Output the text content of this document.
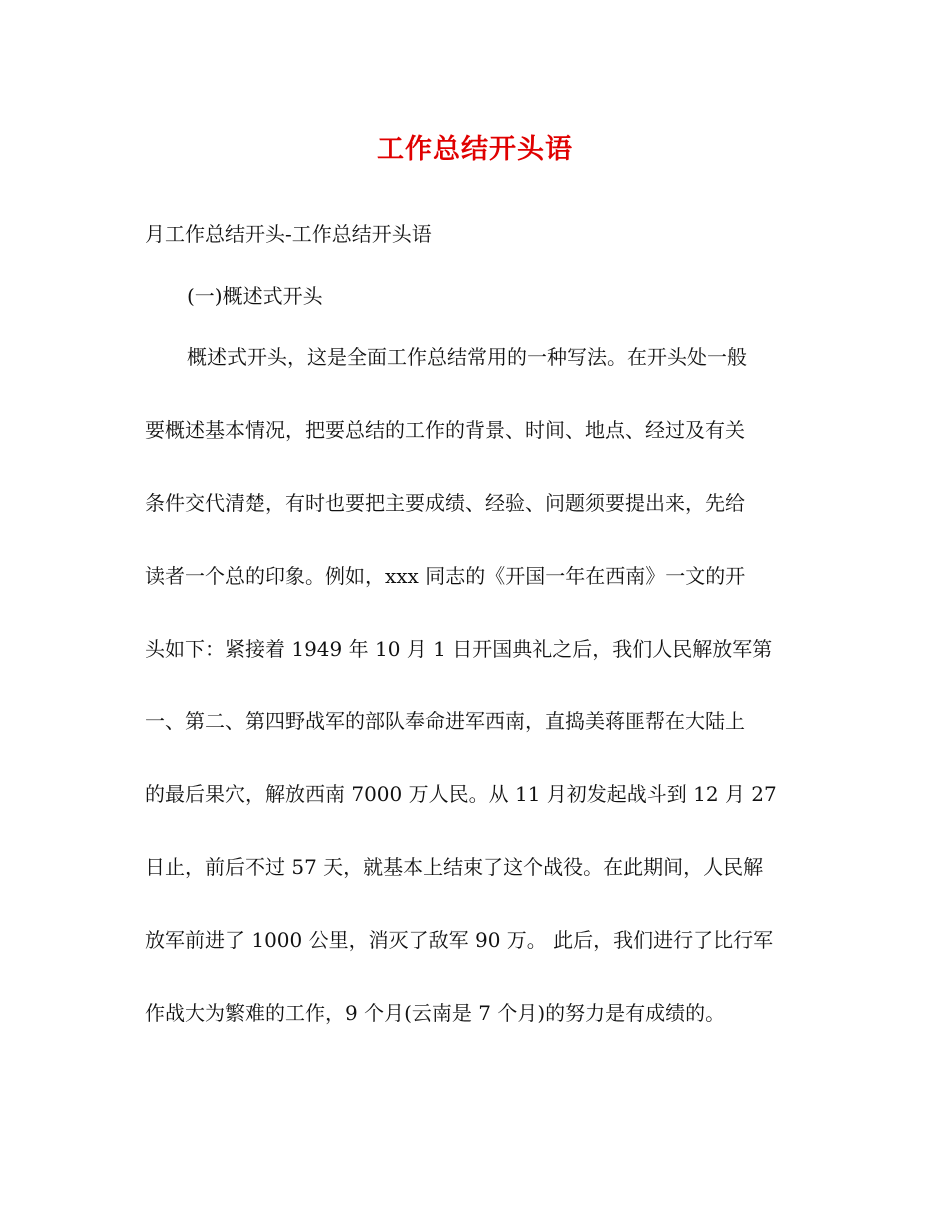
工作总结开头语
月工作总结开头-工作总结开头语
(一)概述式开头
概述式开头，这是全面工作总结常用的一种写法。在开头处一般
要概述基本情况，把要总结的工作的背景、时间、地点、经过及有关
条件交代清楚，有时也要把主要成绩、经验、问题须要提出来，先给
读者一个总的印象。例如，xxx 同志的《开国一年在西南》一文的开
头如下：紧接着 1949 年 10 月 1 日开国典礼之后，我们人民解放军第
一、第二、第四野战军的部队奉命进军西南，直捣美蒋匪帮在大陆上
的最后果穴，解放西南 7000 万人民。从 11 月初发起战斗到 12 月 27
日止，前后不过 57 天，就基本上结束了这个战役。在此期间，人民解
放军前进了 1000 公里，消灭了敌军 90 万。 此后，我们进行了比行军
作战大为繁难的工作，9 个月(云南是 7 个月)的努力是有成绩的。
